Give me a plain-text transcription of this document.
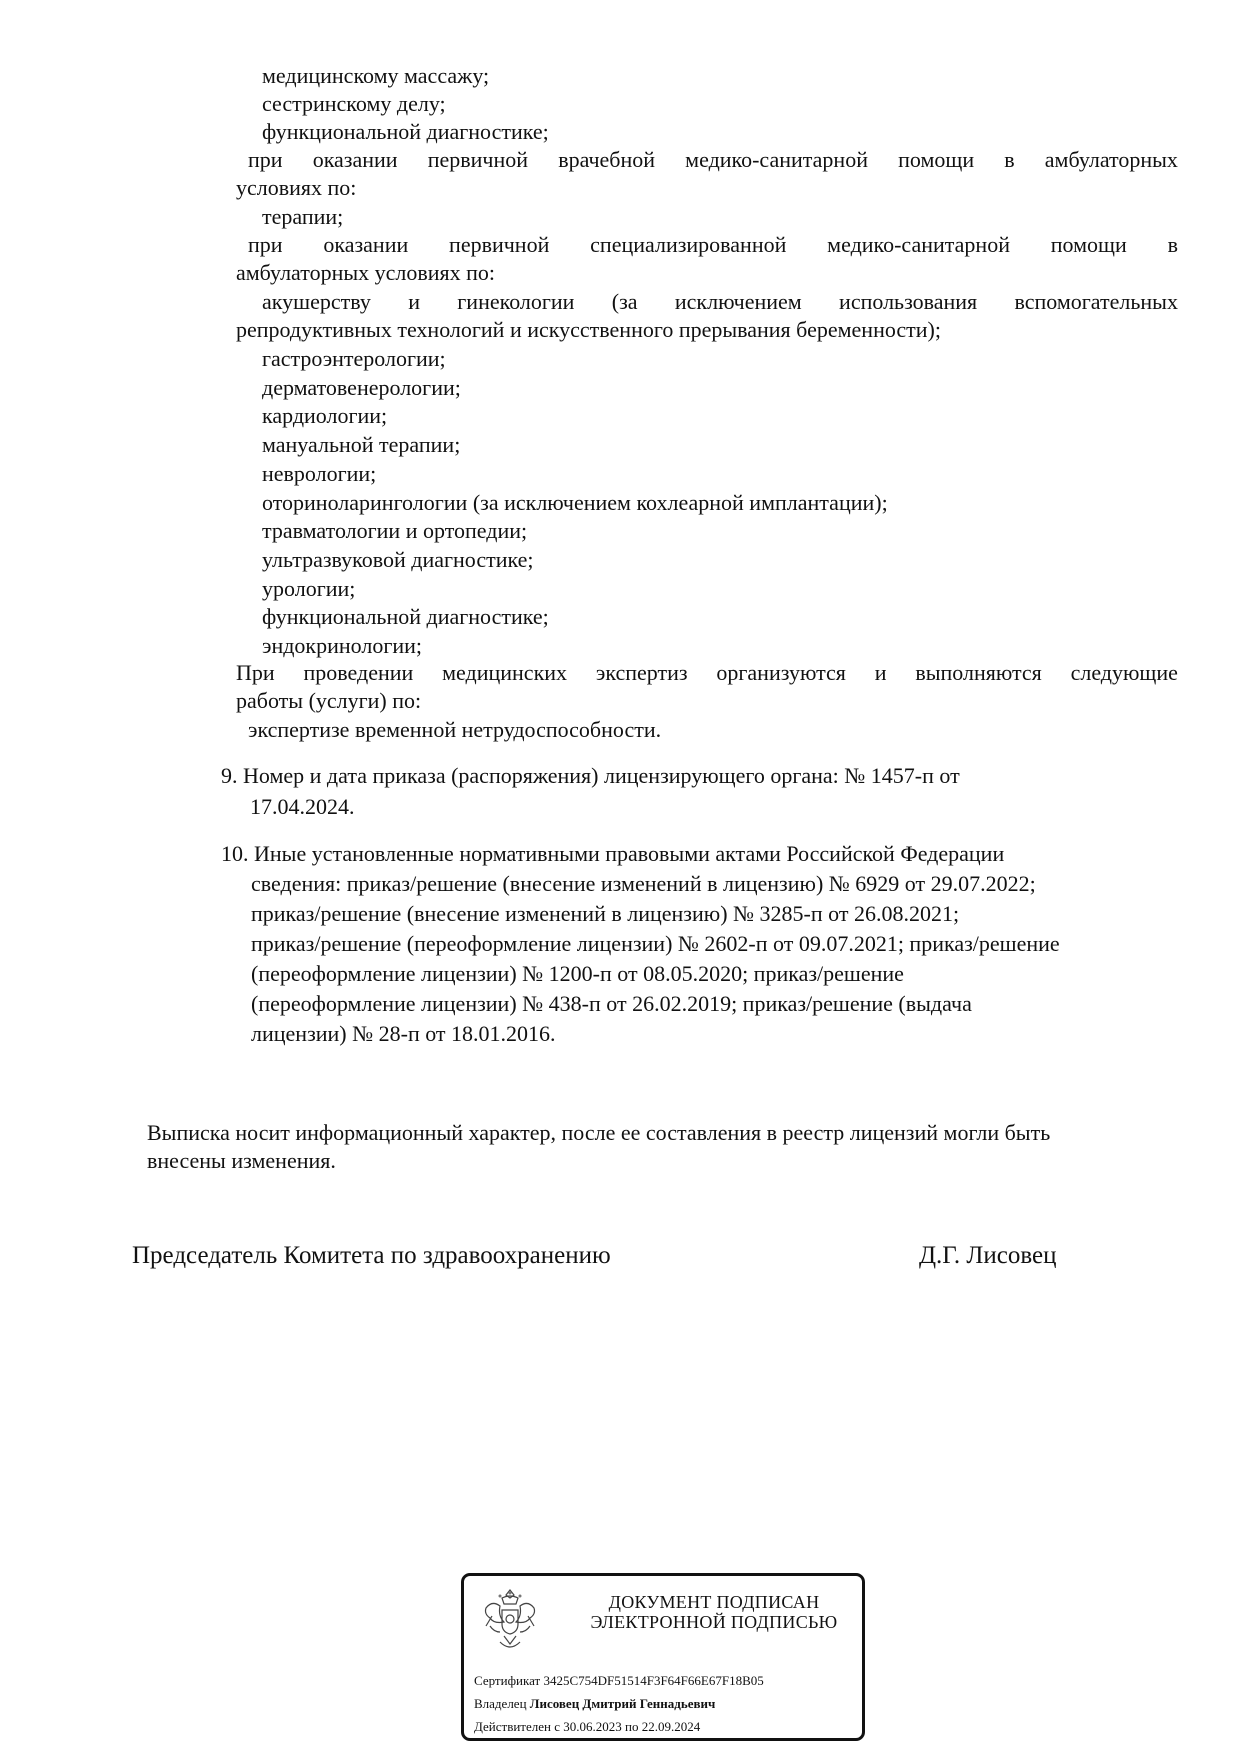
медицинскому массажу;
сестринскому делу;
функциональной диагностике;
при оказании первичной врачебной медико-санитарной помощи в амбулаторных
условиях по:
терапии;
при оказании первичной специализированной медико-санитарной помощи в
амбулаторных условиях по:
акушерству и гинекологии (за исключением использования вспомогательных
репродуктивных технологий и искусственного прерывания беременности);
гастроэнтерологии;
дерматовенерологии;
кардиологии;
мануальной терапии;
неврологии;
оториноларингологии (за исключением кохлеарной имплантации);
травматологии и ортопедии;
ультразвуковой диагностике;
урологии;
функциональной диагностике;
эндокринологии;
При проведении медицинских экспертиз организуются и выполняются следующие
работы (услуги) по:
экспертизе временной нетрудоспособности.
9. Номер и дата приказа (распоряжения) лицензирующего органа: № 1457-п от
17.04.2024.
10. Иные установленные нормативными правовыми актами Российской Федерации
сведения: приказ/решение (внесение изменений в лицензию) № 6929 от 29.07.2022;
приказ/решение (внесение изменений в лицензию) № 3285-п от 26.08.2021;
приказ/решение (переоформление лицензии) № 2602-п от 09.07.2021; приказ/решение
(переоформление лицензии) № 1200-п от 08.05.2020; приказ/решение
(переоформление лицензии) № 438-п от 26.02.2019; приказ/решение (выдача
лицензии) № 28-п от 18.01.2016.
Выписка носит информационный характер, после ее составления в реестр лицензий могли быть
внесены изменения.
Председатель Комитета по здравоохранению	Д.Г. Лисовец
ДОКУМЕНТ ПОДПИСАН
ЭЛЕКТРОННОЙ ПОДПИСЬЮ
Сертификат 3425C754DF51514F3F64F66E67F18B05
Владелец Лисовец Дмитрий Геннадьевич
Действителен с 30.06.2023 по 22.09.2024
